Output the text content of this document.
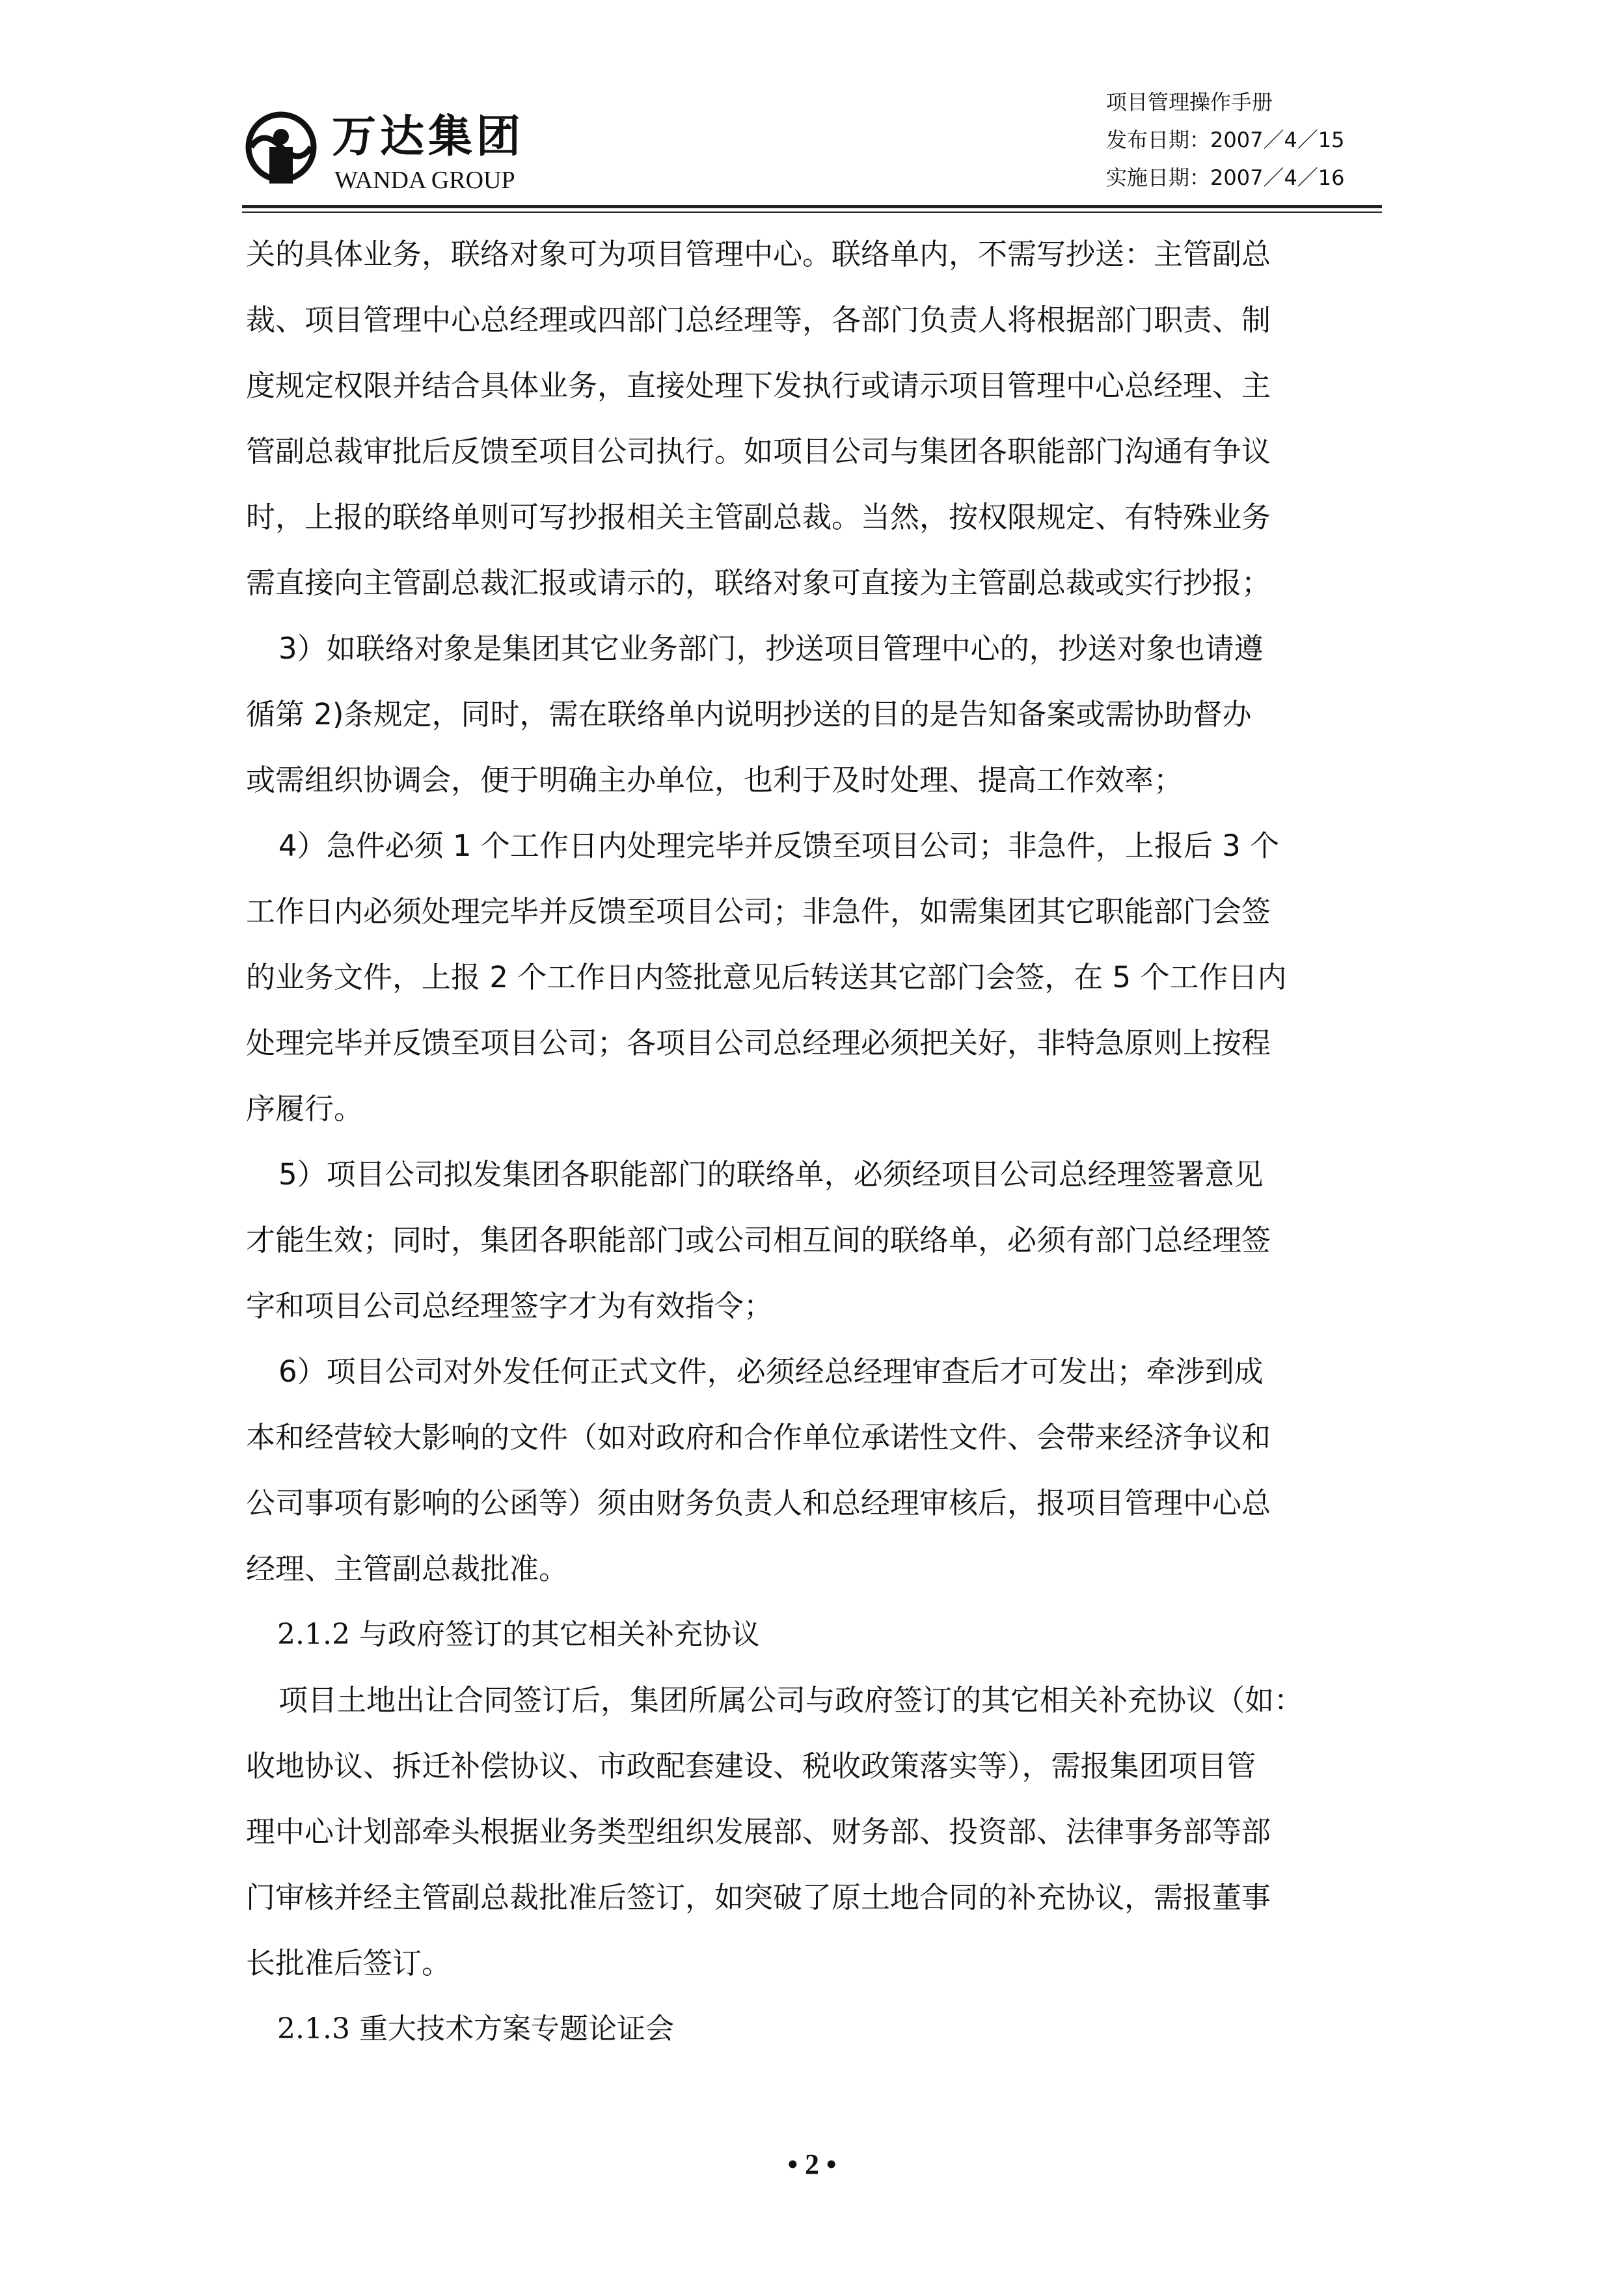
万达集团
WANDA GROUP
项目管理操作手册
发布日期：2007／4／15
实施日期：2007／4／16
关的具体业务，联络对象可为项目管理中心。联络单内，不需写抄送：主管副总
裁、项目管理中心总经理或四部门总经理等，各部门负责人将根据部门职责、制
度规定权限并结合具体业务，直接处理下发执行或请示项目管理中心总经理、主
管副总裁审批后反馈至项目公司执行。如项目公司与集团各职能部门沟通有争议
时，上报的联络单则可写抄报相关主管副总裁。当然，按权限规定、有特殊业务
需直接向主管副总裁汇报或请示的，联络对象可直接为主管副总裁或实行抄报；
3）如联络对象是集团其它业务部门，抄送项目管理中心的，抄送对象也请遵
循第 2)条规定，同时，需在联络单内说明抄送的目的是告知备案或需协助督办
或需组织协调会，便于明确主办单位，也利于及时处理、提高工作效率；
4）急件必须 1 个工作日内处理完毕并反馈至项目公司；非急件，上报后 3 个
工作日内必须处理完毕并反馈至项目公司；非急件，如需集团其它职能部门会签
的业务文件，上报 2 个工作日内签批意见后转送其它部门会签，在 5 个工作日内
处理完毕并反馈至项目公司；各项目公司总经理必须把关好，非特急原则上按程
序履行。
5）项目公司拟发集团各职能部门的联络单，必须经项目公司总经理签署意见
才能生效；同时，集团各职能部门或公司相互间的联络单，必须有部门总经理签
字和项目公司总经理签字才为有效指令；
6）项目公司对外发任何正式文件，必须经总经理审查后才可发出；牵涉到成
本和经营较大影响的文件（如对政府和合作单位承诺性文件、会带来经济争议和
公司事项有影响的公函等）须由财务负责人和总经理审核后，报项目管理中心总
经理、主管副总裁批准。
2.1.2 与政府签订的其它相关补充协议
项目土地出让合同签订后，集团所属公司与政府签订的其它相关补充协议（如：
收地协议、拆迁补偿协议、市政配套建设、税收政策落实等），需报集团项目管
理中心计划部牵头根据业务类型组织发展部、财务部、投资部、法律事务部等部
门审核并经主管副总裁批准后签订，如突破了原土地合同的补充协议，需报董事
长批准后签订。
2.1.3 重大技术方案专题论证会
• 2 •
